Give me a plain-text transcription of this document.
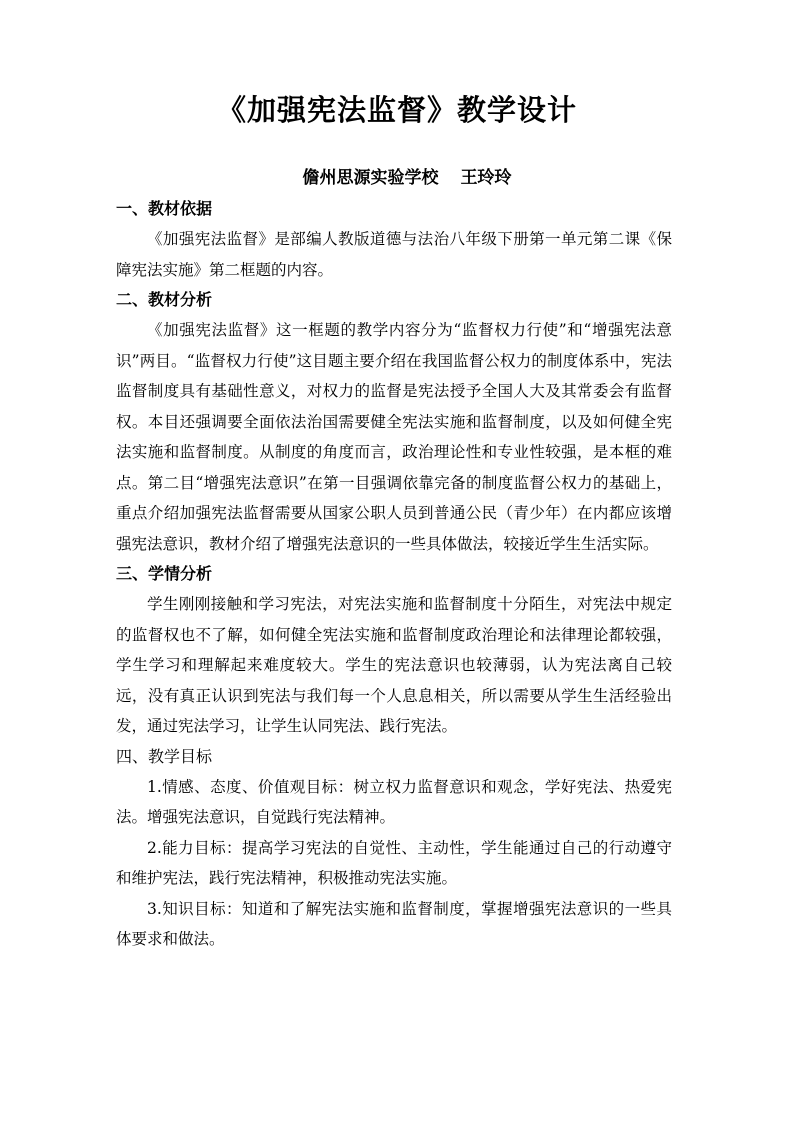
《加强宪法监督》教学设计
儋州思源实验学校 王玲玲
一、教材依据

《加强宪法监督》是部编人教版道德与法治八年级下册第一单元第二课《保障宪法实施》第二框题的内容。

二、教材分析

《加强宪法监督》这一框题的教学内容分为“监督权力行使”和“增强宪法意识”两目。“监督权力行使”这目题主要介绍在我国监督公权力的制度体系中，宪法监督制度具有基础性意义，对权力的监督是宪法授予全国人大及其常委会有监督权。本目还强调要全面依法治国需要健全宪法实施和监督制度，以及如何健全宪法实施和监督制度。从制度的角度而言，政治理论性和专业性较强，是本框的难点。第二目“增强宪法意识”在第一目强调依靠完备的制度监督公权力的基础上，重点介绍加强宪法监督需要从国家公职人员到普通公民（青少年）在内都应该增强宪法意识，教材介绍了增强宪法意识的一些具体做法，较接近学生生活实际。

三、学情分析

学生刚刚接触和学习宪法，对宪法实施和监督制度十分陌生，对宪法中规定的监督权也不了解，如何健全宪法实施和监督制度政治理论和法律理论都较强，学生学习和理解起来难度较大。学生的宪法意识也较薄弱，认为宪法离自己较远，没有真正认识到宪法与我们每一个人息息相关，所以需要从学生生活经验出发，通过宪法学习，让学生认同宪法、践行宪法。

四、教学目标

1.情感、态度、价值观目标：树立权力监督意识和观念，学好宪法、热爱宪法。增强宪法意识，自觉践行宪法精神。

2.能力目标：提高学习宪法的自觉性、主动性，学生能通过自己的行动遵守和维护宪法，践行宪法精神，积极推动宪法实施。

3.知识目标：知道和了解宪法实施和监督制度，掌握增强宪法意识的一些具体要求和做法。
